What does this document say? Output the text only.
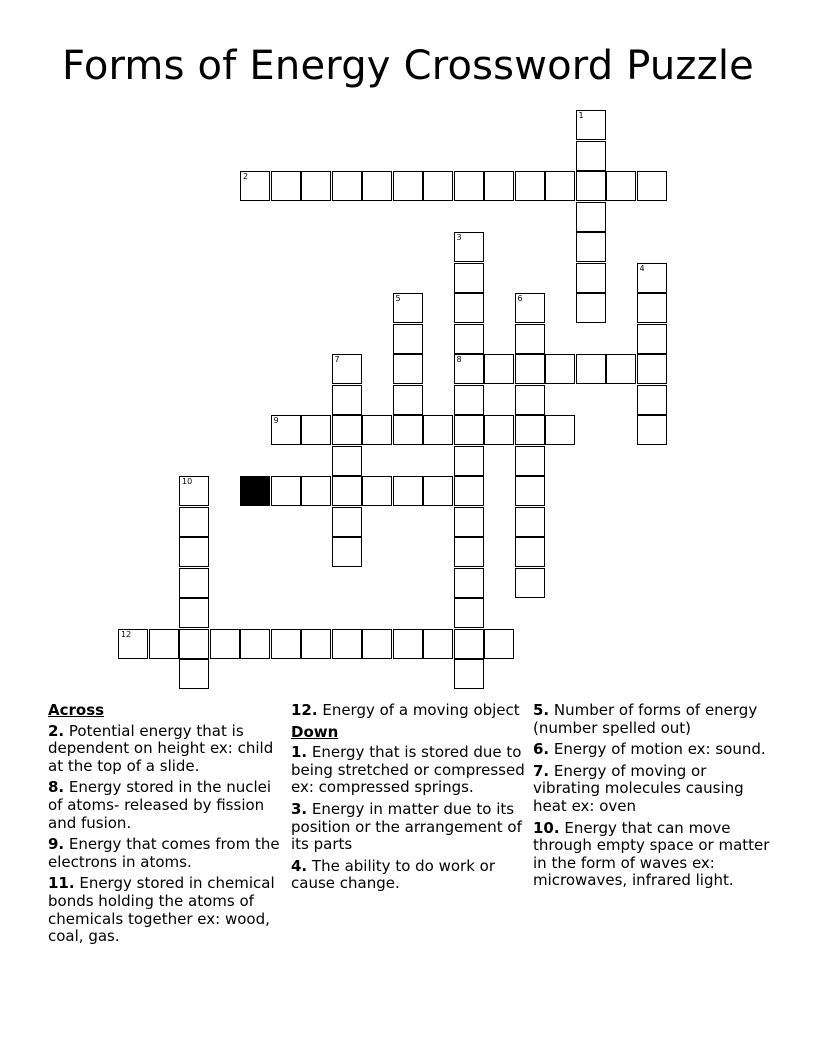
Forms of Energy Crossword Puzzle
2
8
9
12
1
3
4
5	6
7
10
Across
2. Potential energy that is dependent on height ex: child at the top of a slide.
8. Energy stored in the nuclei of atoms- released by fission and fusion.
9. Energy that comes from the electrons in atoms.
11. Energy stored in chemical bonds holding the atoms of chemicals together ex: wood, coal, gas.
12. Energy of a moving object
Down
1. Energy that is stored due to being stretched or compressed ex: compressed springs.
3. Energy in matter due to its position or the arrangement of its parts
4. The ability to do work or cause change.
5. Number of forms of energy (number spelled out)
6. Energy of motion ex: sound.
7. Energy of moving or vibrating molecules causing heat ex: oven
10. Energy that can move through empty space or matter in the form of waves ex: microwaves, infrared light.
